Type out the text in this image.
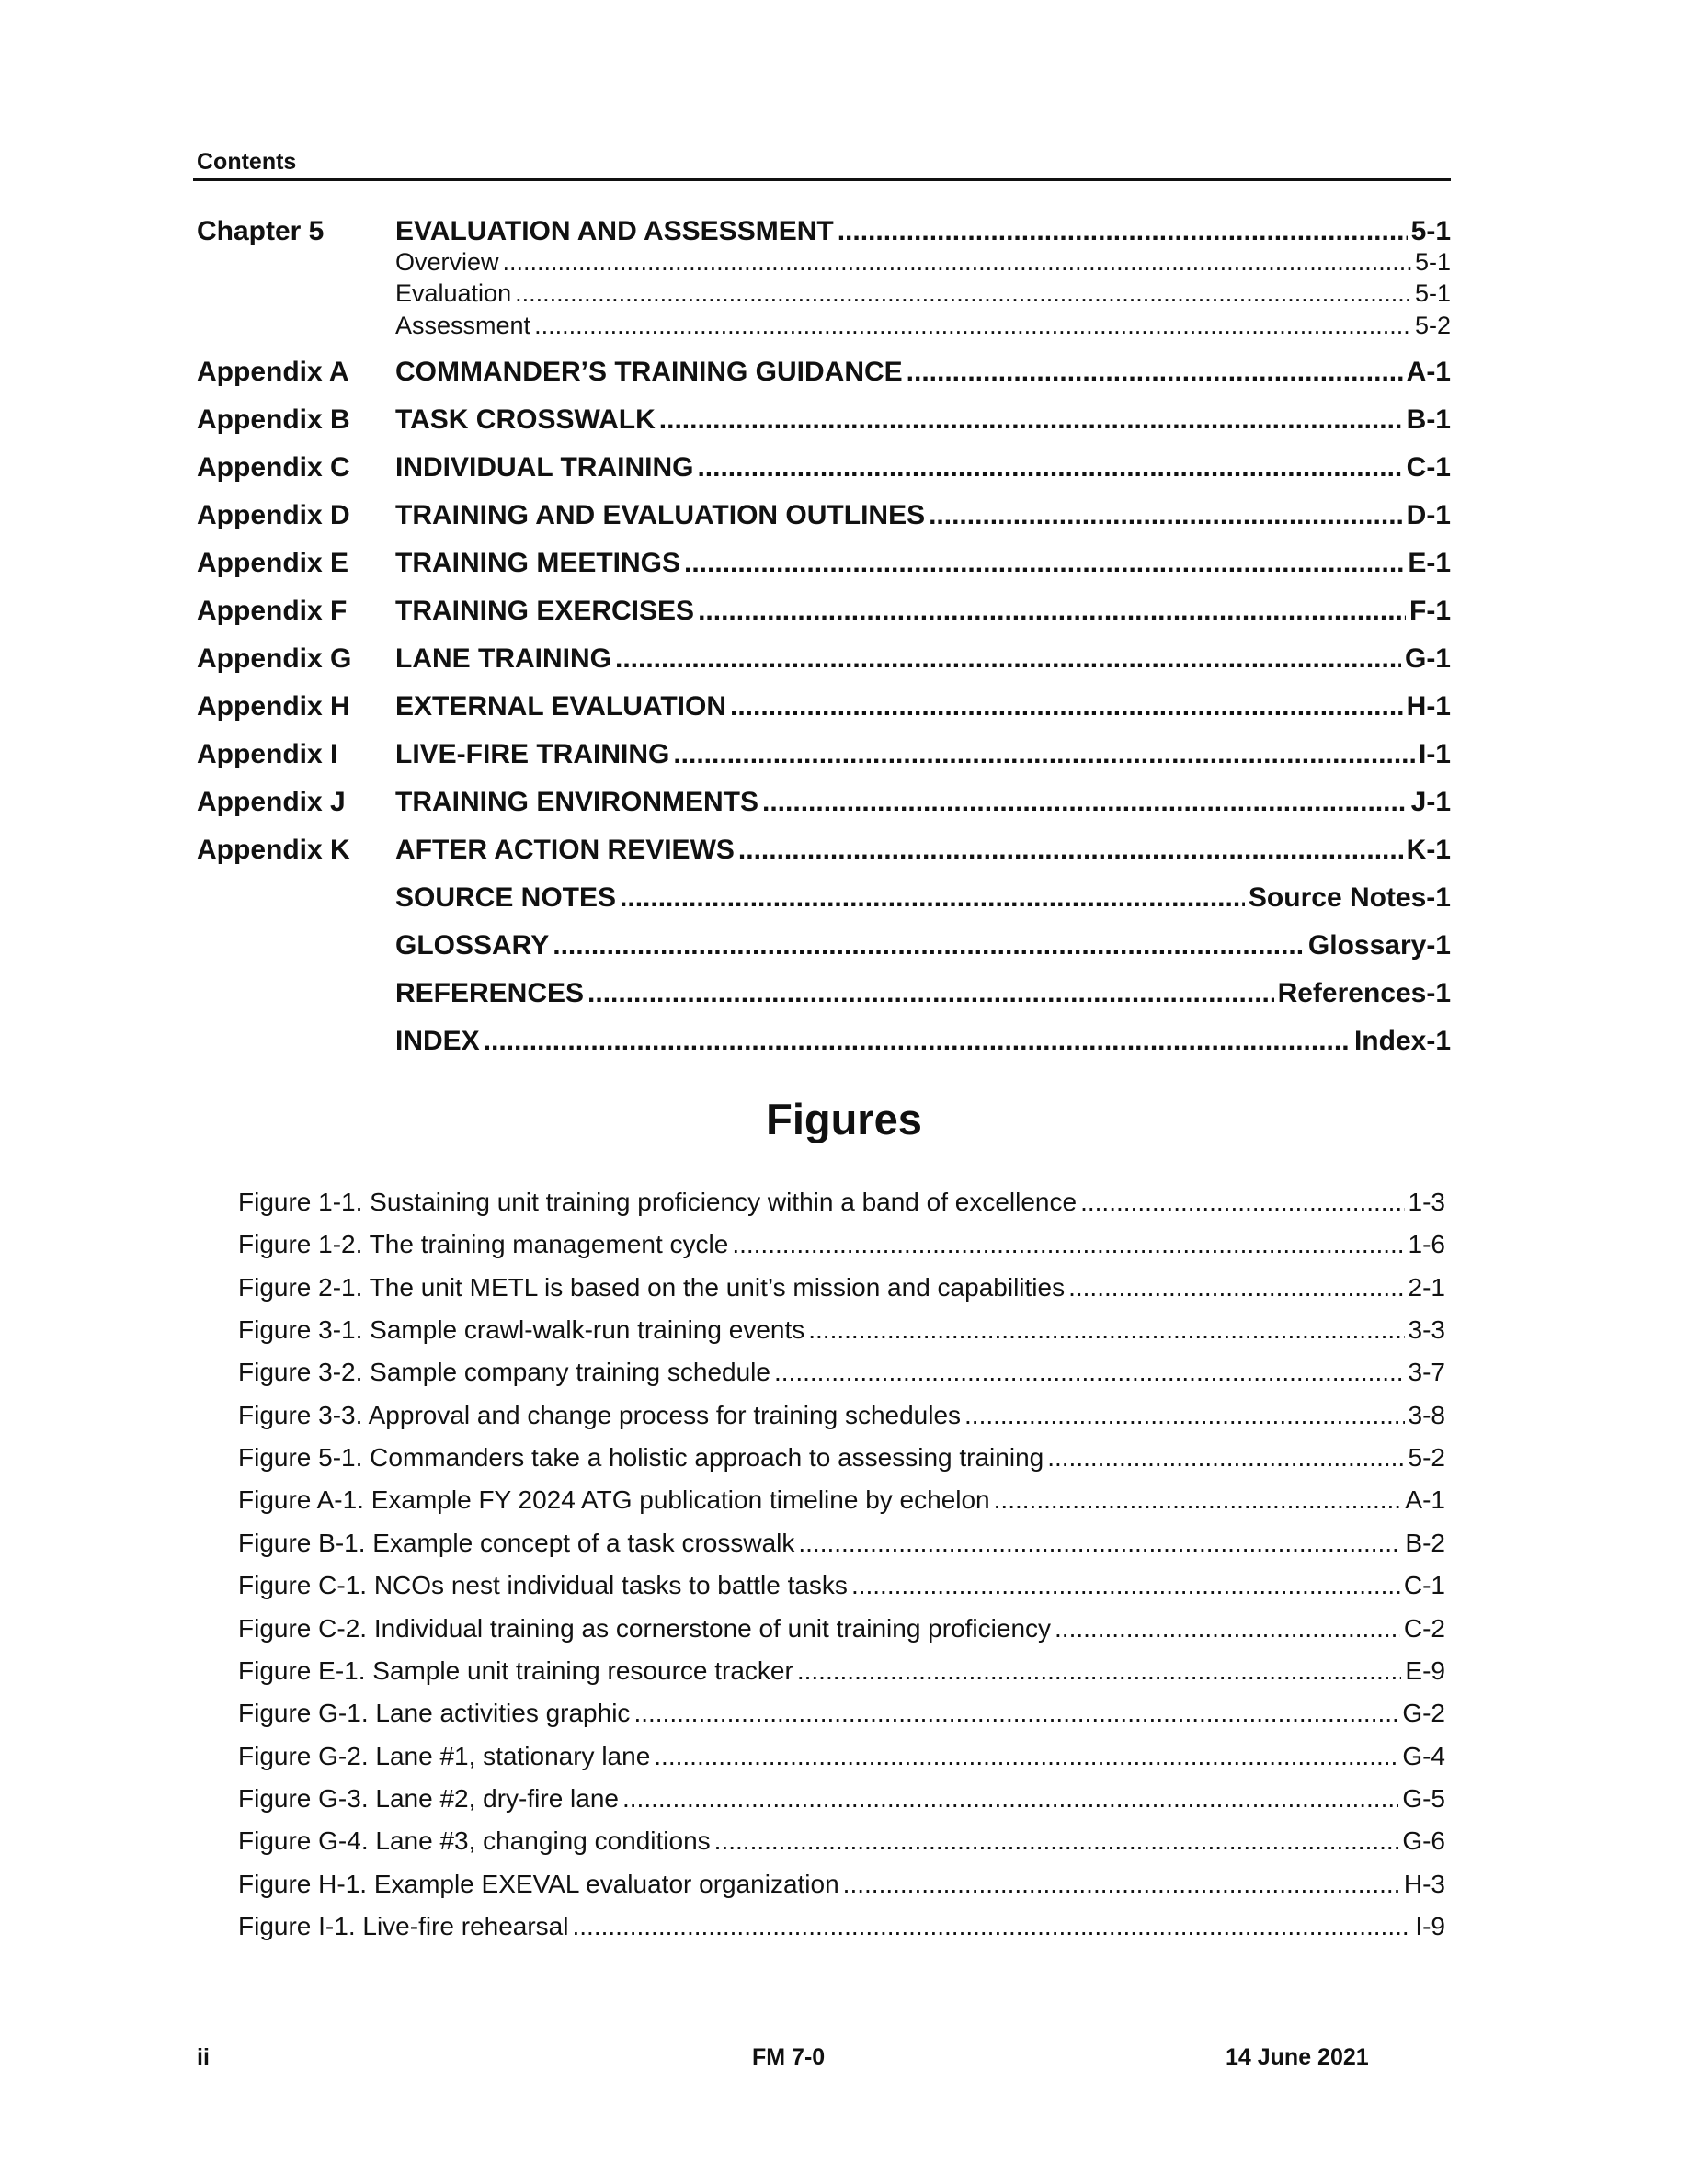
Contents
Chapter 5	EVALUATION AND ASSESSMENT .....	5-1
Overview .....	5-1
Evaluation .....	5-1
Assessment .....	5-2
Appendix A	COMMANDER’S TRAINING GUIDANCE .....	A-1
Appendix B	TASK CROSSWALK .....	B-1
Appendix C	INDIVIDUAL TRAINING .....	C-1
Appendix D	TRAINING AND EVALUATION OUTLINES .....	D-1
Appendix E	TRAINING MEETINGS .....	E-1
Appendix F	TRAINING EXERCISES .....	F-1
Appendix G	LANE TRAINING .....	G-1
Appendix H	EXTERNAL EVALUATION .....	H-1
Appendix I	LIVE-FIRE TRAINING .....	I-1
Appendix J	TRAINING ENVIRONMENTS .....	J-1
Appendix K	AFTER ACTION REVIEWS .....	K-1
SOURCE NOTES .....	Source Notes-1
GLOSSARY .....	Glossary-1
REFERENCES .....	References-1
INDEX .....	Index-1
Figures
Figure 1-1. Sustaining unit training proficiency within a band of excellence .....	1-3
Figure 1-2. The training management cycle .....	1-6
Figure 2-1. The unit METL is based on the unit’s mission and capabilities .....	2-1
Figure 3-1. Sample crawl-walk-run training events .....	3-3
Figure 3-2. Sample company training schedule .....	3-7
Figure 3-3. Approval and change process for training schedules .....	3-8
Figure 5-1. Commanders take a holistic approach to assessing training .....	5-2
Figure A-1. Example FY 2024 ATG publication timeline by echelon .....	A-1
Figure B-1. Example concept of a task crosswalk .....	B-2
Figure C-1. NCOs nest individual tasks to battle tasks .....	C-1
Figure C-2. Individual training as cornerstone of unit training proficiency .....	C-2
Figure E-1. Sample unit training resource tracker .....	E-9
Figure G-1. Lane activities graphic .....	G-2
Figure G-2. Lane #1, stationary lane .....	G-4
Figure G-3. Lane #2, dry-fire lane .....	G-5
Figure G-4. Lane #3, changing conditions .....	G-6
Figure H-1. Example EXEVAL evaluator organization .....	H-3
Figure I-1. Live-fire rehearsal .....	I-9
ii	FM 7-0	14 June 2021
